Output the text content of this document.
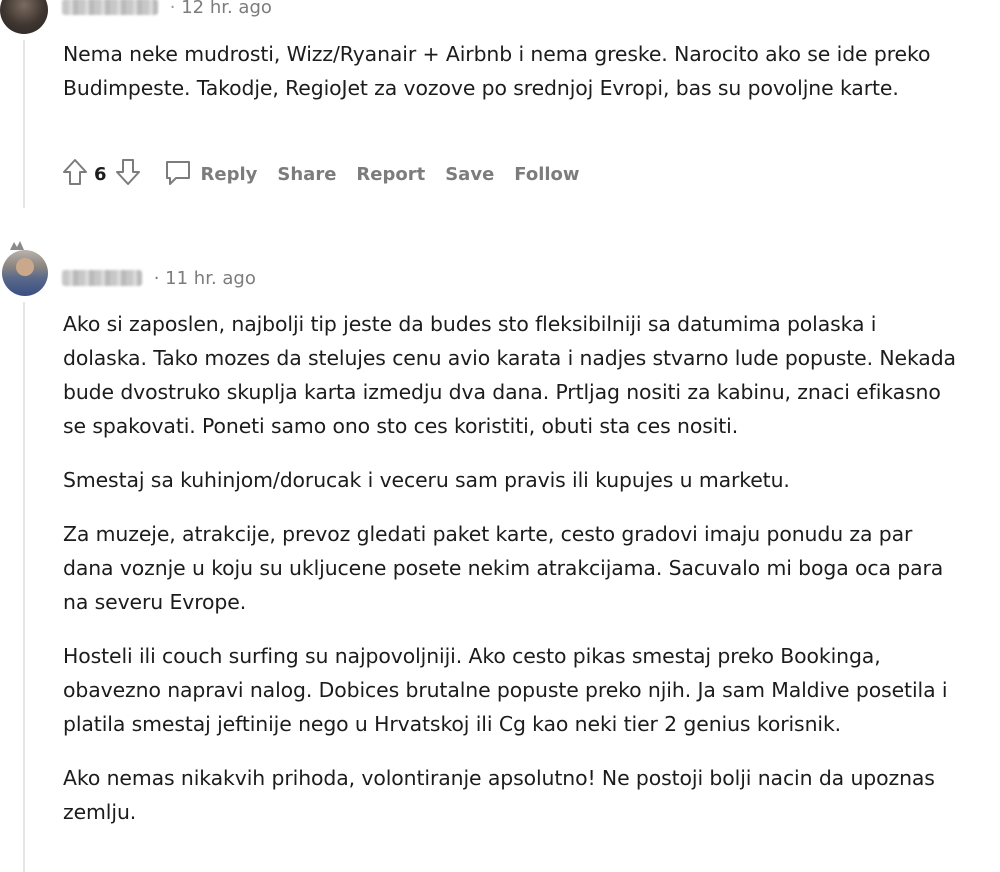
· 12 hr. ago

Nema neke mudrosti, Wizz/Ryanair + Airbnb i nema greske. Narocito ako se ide preko Budimpeste. Takodje, RegioJet za vozove po srednjoj Evropi, bas su povoljne karte.

6	Reply Share Report Save Follow
· 11 hr. ago

Ako si zaposlen, najbolji tip jeste da budes sto fleksibilniji sa datumima polaska i dolaska. Tako mozes da stelujes cenu avio karata i nadjes stvarno lude popuste. Nekada bude dvostruko skuplja karta izmedju dva dana. Prtljag nositi za kabinu, znaci efikasno se spakovati. Poneti samo ono sto ces koristiti, obuti sta ces nositi.

Smestaj sa kuhinjom/dorucak i veceru sam pravis ili kupujes u marketu.

Za muzeje, atrakcije, prevoz gledati paket karte, cesto gradovi imaju ponudu za par dana voznje u koju su ukljucene posete nekim atrakcijama. Sacuvalo mi boga oca para na severu Evrope.

Hosteli ili couch surfing su najpovoljniji. Ako cesto pikas smestaj preko Bookinga, obavezno napravi nalog. Dobices brutalne popuste preko njih. Ja sam Maldive posetila i platila smestaj jeftinije nego u Hrvatskoj ili Cg kao neki tier 2 genius korisnik.

Ako nemas nikakvih prihoda, volontiranje apsolutno! Ne postoji bolji nacin da upoznas zemlju.
